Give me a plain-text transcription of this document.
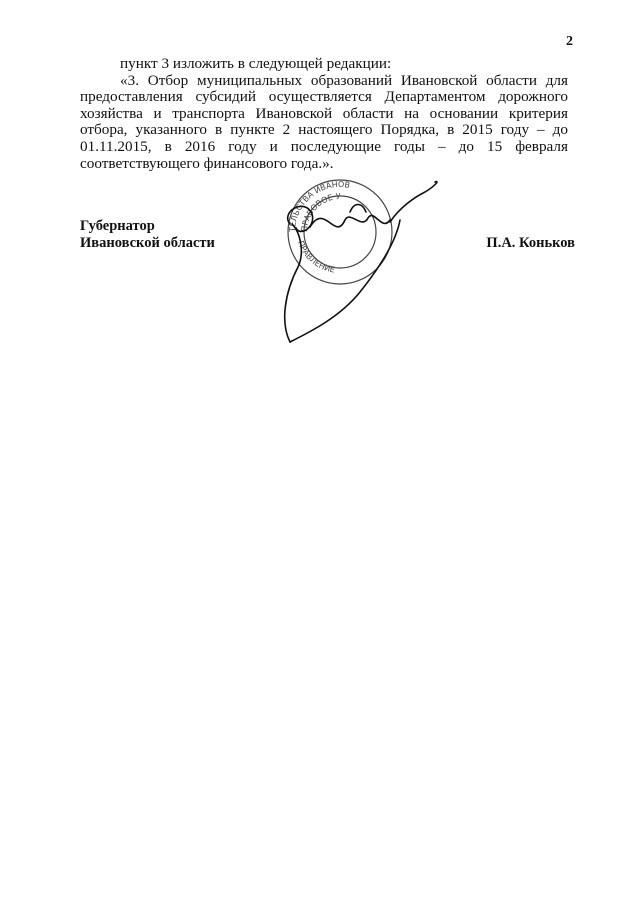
2
пункт 3 изложить в следующей редакции:
«3. Отбор муниципальных образований Ивановской области для предоставления субсидий осуществляется Департаментом дорожного хозяйства и транспорта Ивановской области на основании критерия отбора, указанного в пункте 2 настоящего Порядка, в 2015 году – до 01.11.2015, в 2016 году и последующие годы – до 15 февраля соответствующего финансового года.».
Губернатор
Ивановской области	П.А. Коньков
ТЕЛЬСТВА ИВАНОВ
ПРАВОВОЕ У
ПРАВЛЕНИЕ
